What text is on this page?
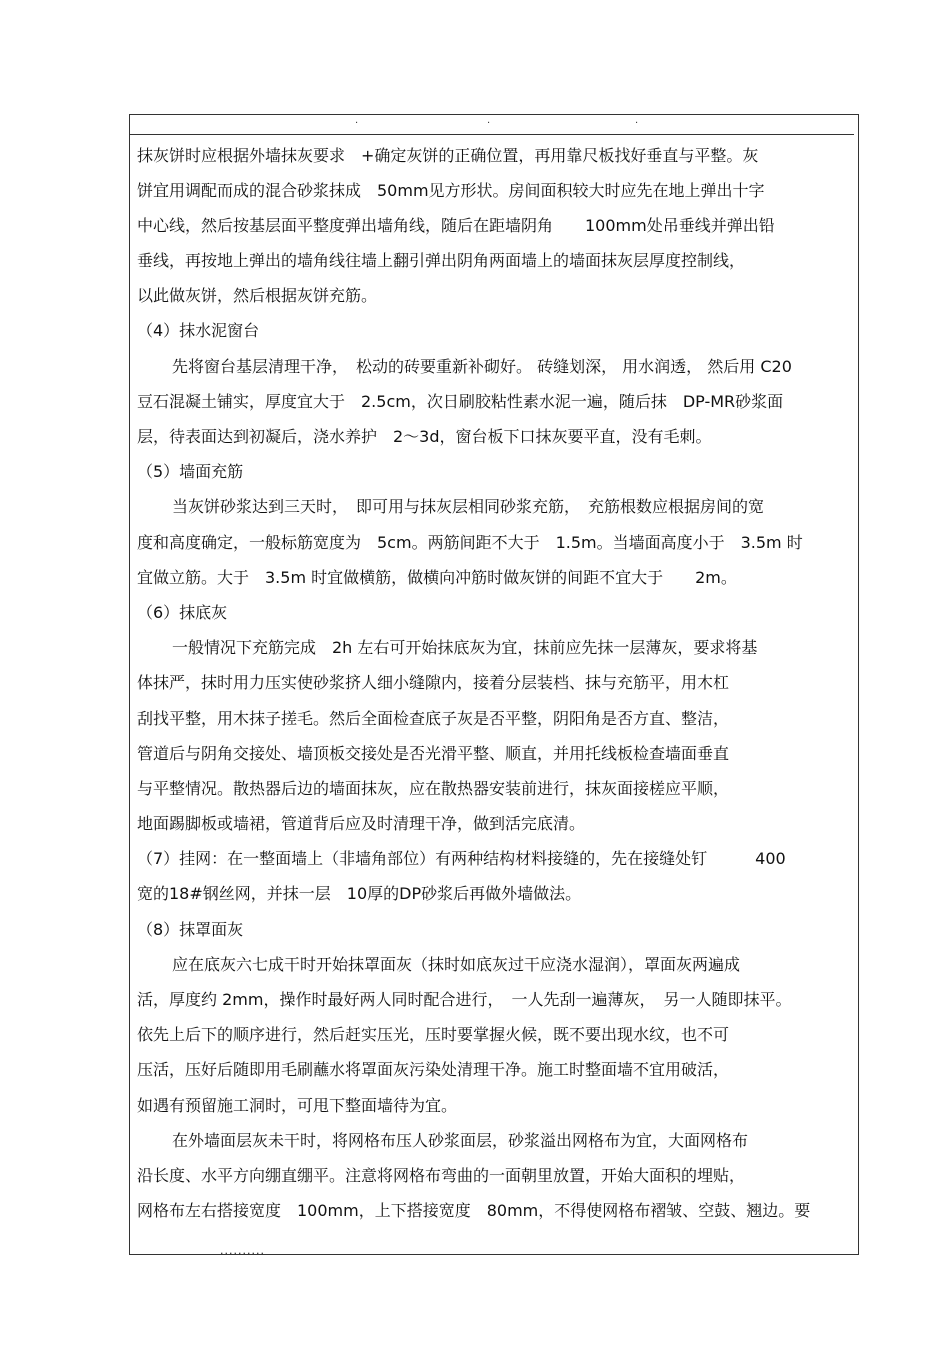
.	.	.
抹灰饼时应根据外墙抹灰要求　+确定灰饼的正确位置，再用靠尺板找好垂直与平整。灰
饼宜用调配而成的混合砂浆抹成　50mm见方形状。房间面积较大时应先在地上弹出十字
中心线，然后按基层面平整度弹出墙角线，随后在距墙阴角　　100mm处吊垂线并弹出铅
垂线，再按地上弹出的墙角线往墙上翻引弹出阴角两面墙上的墙面抹灰层厚度控制线，
以此做灰饼，然后根据灰饼充筋。
（4）抹水泥窗台
先将窗台基层清理干净，　松动的砖要重新补砌好。 砖缝划深， 用水润透， 然后用 C20
豆石混凝土铺实，厚度宜大于　2.5cm，次日刷胶粘性素水泥一遍，随后抹　DP-MR砂浆面
层，待表面达到初凝后，浇水养护　2～3d，窗台板下口抹灰要平直，没有毛刺。
（5）墙面充筋
当灰饼砂浆达到三天时，　即可用与抹灰层相同砂浆充筋，　充筋根数应根据房间的宽
度和高度确定，一般标筋宽度为　5cm。两筋间距不大于　1.5m。当墙面高度小于　3.5m 时
宜做立筋。大于　3.5m 时宜做横筋，做横向冲筋时做灰饼的间距不宜大于　　2m。
（6）抹底灰
一般情况下充筋完成　2h 左右可开始抹底灰为宜，抹前应先抹一层薄灰，要求将基
体抹严，抹时用力压实使砂浆挤人细小缝隙内，接着分层装档、抹与充筋平，用木杠
刮找平整，用木抹子搓毛。然后全面检查底子灰是否平整，阴阳角是否方直、整洁，
管道后与阴角交接处、墙顶板交接处是否光滑平整、顺直，并用托线板检查墙面垂直
与平整情况。散热器后边的墙面抹灰，应在散热器安装前进行，抹灰面接槎应平顺，
地面踢脚板或墙裙，管道背后应及时清理干净，做到活完底清。
（7）挂网：在一整面墙上（非墙角部位）有两种结构材料接缝的，先在接缝处钉　　　400
宽的18#钢丝网，并抹一层　10厚的DP砂浆后再做外墙做法。
（8）抹罩面灰
应在底灰六七成干时开始抹罩面灰（抹时如底灰过干应浇水湿润），罩面灰两遍成
活，厚度约 2mm，操作时最好两人同时配合进行，　一人先刮一遍薄灰，　另一人随即抹平。
依先上后下的顺序进行，然后赶实压光，压时要掌握火候，既不要出现水纹，也不可
压活，压好后随即用毛刷蘸水将罩面灰污染处清理干净。施工时整面墙不宜用破活，
如遇有预留施工洞时，可甩下整面墙待为宜。
在外墙面层灰未干时，将网格布压人砂浆面层，砂浆溢出网格布为宜，大面网格布
沿长度、水平方向绷直绷平。注意将网格布弯曲的一面朝里放置，开始大面积的埋贴，
网格布左右搭接宽度　100mm，上下搭接宽度　80mm，不得使网格布褶皱、空鼓、翘边。要
..........
